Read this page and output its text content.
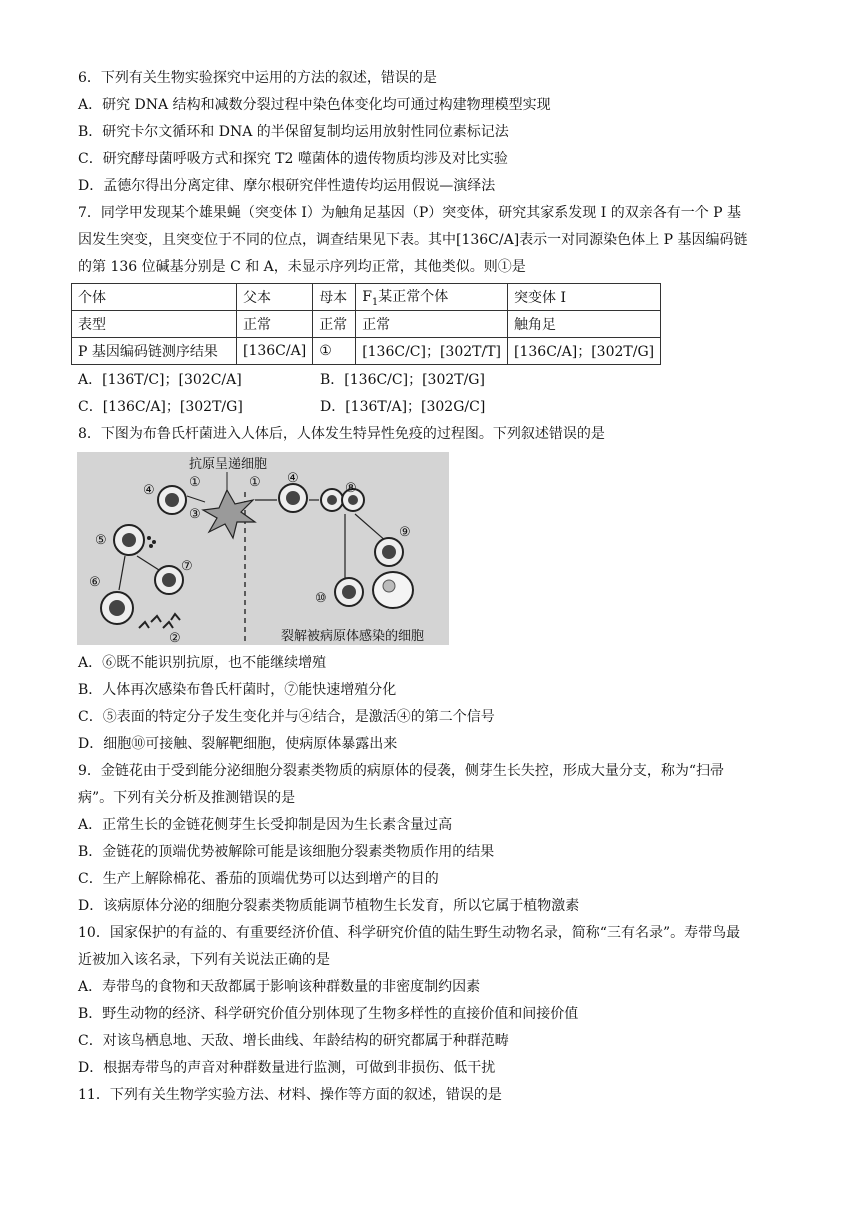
6．下列有关生物实验探究中运用的方法的叙述，错误的是
A．研究 DNA 结构和减数分裂过程中染色体变化均可通过构建物理模型实现
B．研究卡尔文循环和 DNA 的半保留复制均运用放射性同位素标记法
C．研究酵母菌呼吸方式和探究 T2 噬菌体的遗传物质均涉及对比实验
D．孟德尔得出分离定律、摩尔根研究伴性遗传均运用假说—演绎法
7．同学甲发现某个雄果蝇（突变体 I）为触角足基因（P）突变体，研究其家系发现 I 的双亲各有一个 P 基
因发生突变，且突变位于不同的位点，调查结果见下表。其中[136C/A]表示一对同源染色体上 P 基因编码链
的第 136 位碱基分别是 C 和 A，未显示序列均正常，其他类似。则①是
个体	父本	母本	$F_1$某正常个体	突变体 I
表型	正常	正常	正常	触角足
P 基因编码链测序结果	[136C/A]	①	[136C/C]；[302T/T]	[136C/A]；[302T/G]
A．[136T/C]；[302C/A]	B．[136C/C]；[302T/G]
C．[136C/A]；[302T/G]	D．[136T/A]；[302G/C]
8．下图为布鲁氏杆菌进入人体后，人体发生特异性免疫的过程图。下列叙述错误的是
抗原呈递细胞
④
①
③
① ④
⑧
⑨
⑩
⑤
⑦
⑥
②	裂解被病原体感染的细胞
A．⑥既不能识别抗原，也不能继续增殖
B．人体再次感染布鲁氏杆菌时，⑦能快速增殖分化
C．⑤表面的特定分子发生变化并与④结合，是激活④的第二个信号
D．细胞⑩可接触、裂解靶细胞，使病原体暴露出来
9．金链花由于受到能分泌细胞分裂素类物质的病原体的侵袭，侧芽生长失控，形成大量分支，称为“扫帚
病”。下列有关分析及推测错误的是
A．正常生长的金链花侧芽生长受抑制是因为生长素含量过高
B．金链花的顶端优势被解除可能是该细胞分裂素类物质作用的结果
C．生产上解除棉花、番茄的顶端优势可以达到增产的目的
D．该病原体分泌的细胞分裂素类物质能调节植物生长发育，所以它属于植物激素
10．国家保护的有益的、有重要经济价值、科学研究价值的陆生野生动物名录，简称“三有名录”。寿带鸟最
近被加入该名录，下列有关说法正确的是
A．寿带鸟的食物和天敌都属于影响该种群数量的非密度制约因素
B．野生动物的经济、科学研究价值分别体现了生物多样性的直接价值和间接价值
C．对该鸟栖息地、天敌、增长曲线、年龄结构的研究都属于种群范畴
D．根据寿带鸟的声音对种群数量进行监测，可做到非损伤、低干扰
11．下列有关生物学实验方法、材料、操作等方面的叙述，错误的是
